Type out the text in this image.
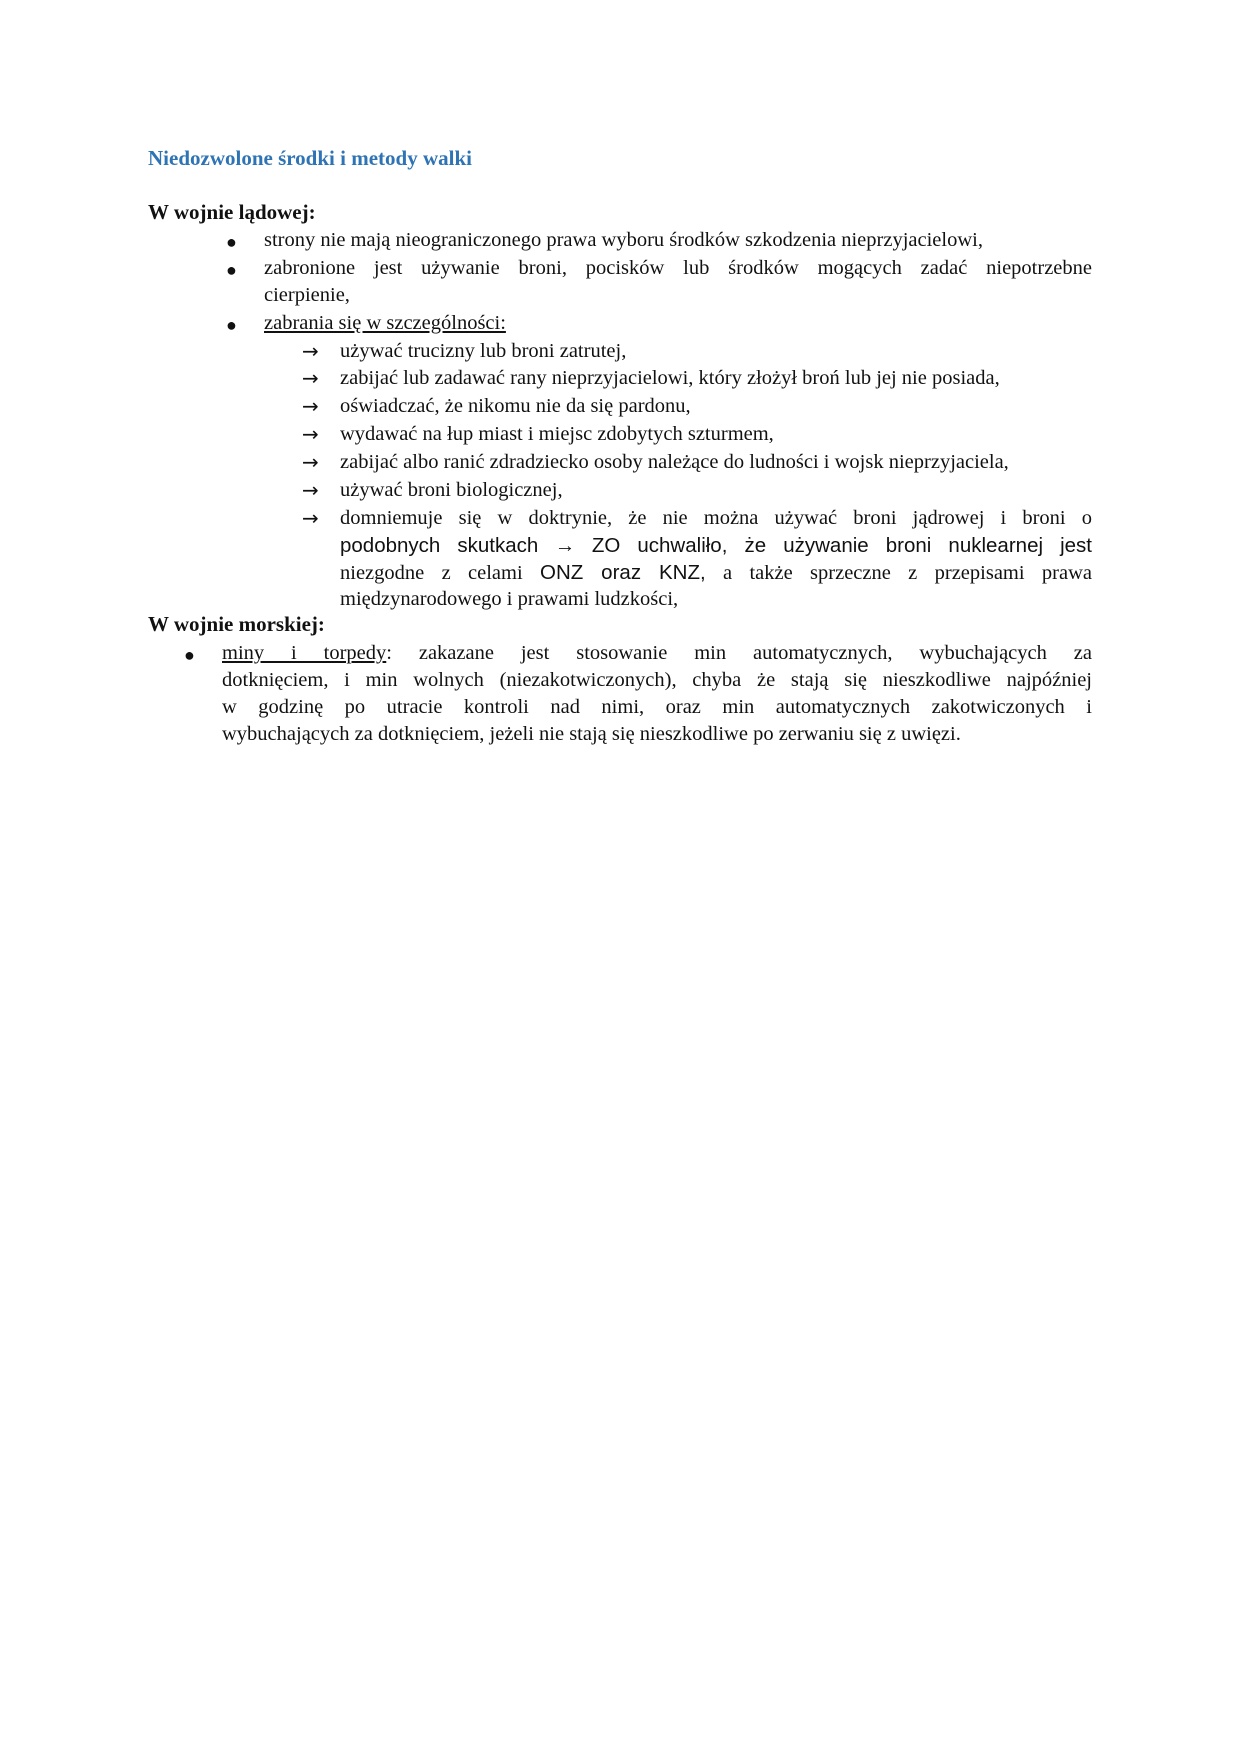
Niedozwolone środki i metody walki
W wojnie lądowej:
● strony nie mają nieograniczonego prawa wyboru środków szkodzenia nieprzyjacielowi,
● zabronione jest używanie broni, pocisków lub środków mogących zadać niepotrzebne
cierpienie,
● zabrania się w szczególności:
→ używać trucizny lub broni zatrutej,
→ zabijać lub zadawać rany nieprzyjacielowi, który złożył broń lub jej nie posiada,
→ oświadczać, że nikomu nie da się pardonu,
→ wydawać na łup miast i miejsc zdobytych szturmem,
→ zabijać albo ranić zdradziecko osoby należące do ludności i wojsk nieprzyjaciela,
→ używać broni biologicznej,
→ domniemuje się w doktrynie, że nie można używać broni jądrowej i broni o
podobnych skutkach → ZO uchwaliło, że używanie broni nuklearnej jest
niezgodne z celami ONZ oraz KNZ, a także sprzeczne z przepisami prawa
międzynarodowego i prawami ludzkości,
W wojnie morskiej:
● miny i torpedy: zakazane jest stosowanie min automatycznych, wybuchających za
dotknięciem, i min wolnych (niezakotwiczonych), chyba że stają się nieszkodliwe najpóźniej
w godzinę po utracie kontroli nad nimi, oraz min automatycznych zakotwiczonych i
wybuchających za dotknięciem, jeżeli nie stają się nieszkodliwe po zerwaniu się z uwięzi.
